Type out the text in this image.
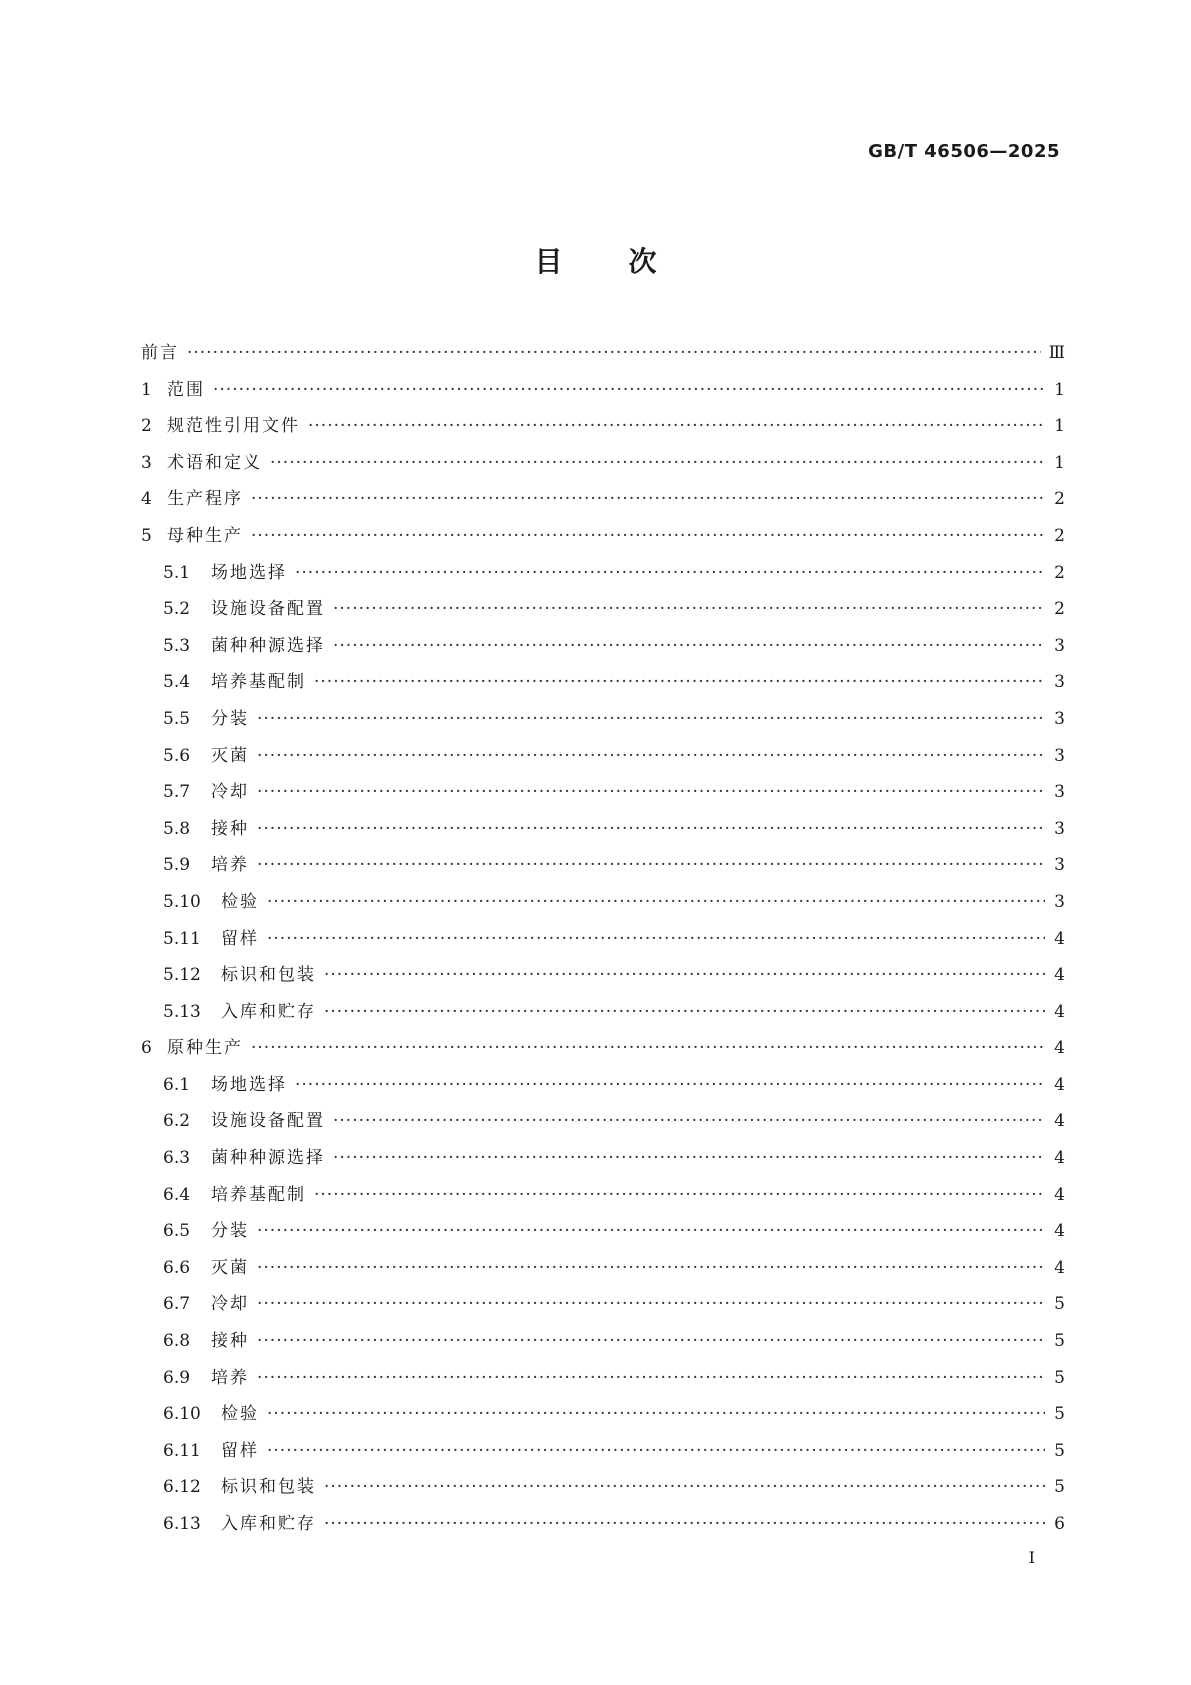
GB/T 46506—2025
目 次
前言 ·····	Ⅲ
1 范围 ·····	1
2 规范性引用文件 ·····	1
3 术语和定义 ·····	1
4 生产程序 ·····	2
5 母种生产 ·····	2
5.1	场地选择 ·····	2
5.2	设施设备配置 ·····	2
5.3	菌种种源选择 ·····	3
5.4	培养基配制 ·····	3
5.5	分装 ·····	3
5.6	灭菌 ·····	3
5.7	冷却 ·····	3
5.8	接种 ·····	3
5.9	培养 ·····	3
5.10	检验 ·····	3
5.11	留样 ·····	4
5.12	标识和包装 ·····	4
5.13	入库和贮存 ·····	4
6 原种生产 ·····	4
6.1	场地选择 ·····	4
6.2	设施设备配置 ·····	4
6.3	菌种种源选择 ·····	4
6.4	培养基配制 ·····	4
6.5	分装 ·····	4
6.6	灭菌 ·····	4
6.7	冷却 ·····	5
6.8	接种 ·····	5
6.9	培养 ·····	5
6.10	检验 ·····	5
6.11	留样 ·····	5
6.12	标识和包装 ·····	5
6.13	入库和贮存 ·····	6
I
